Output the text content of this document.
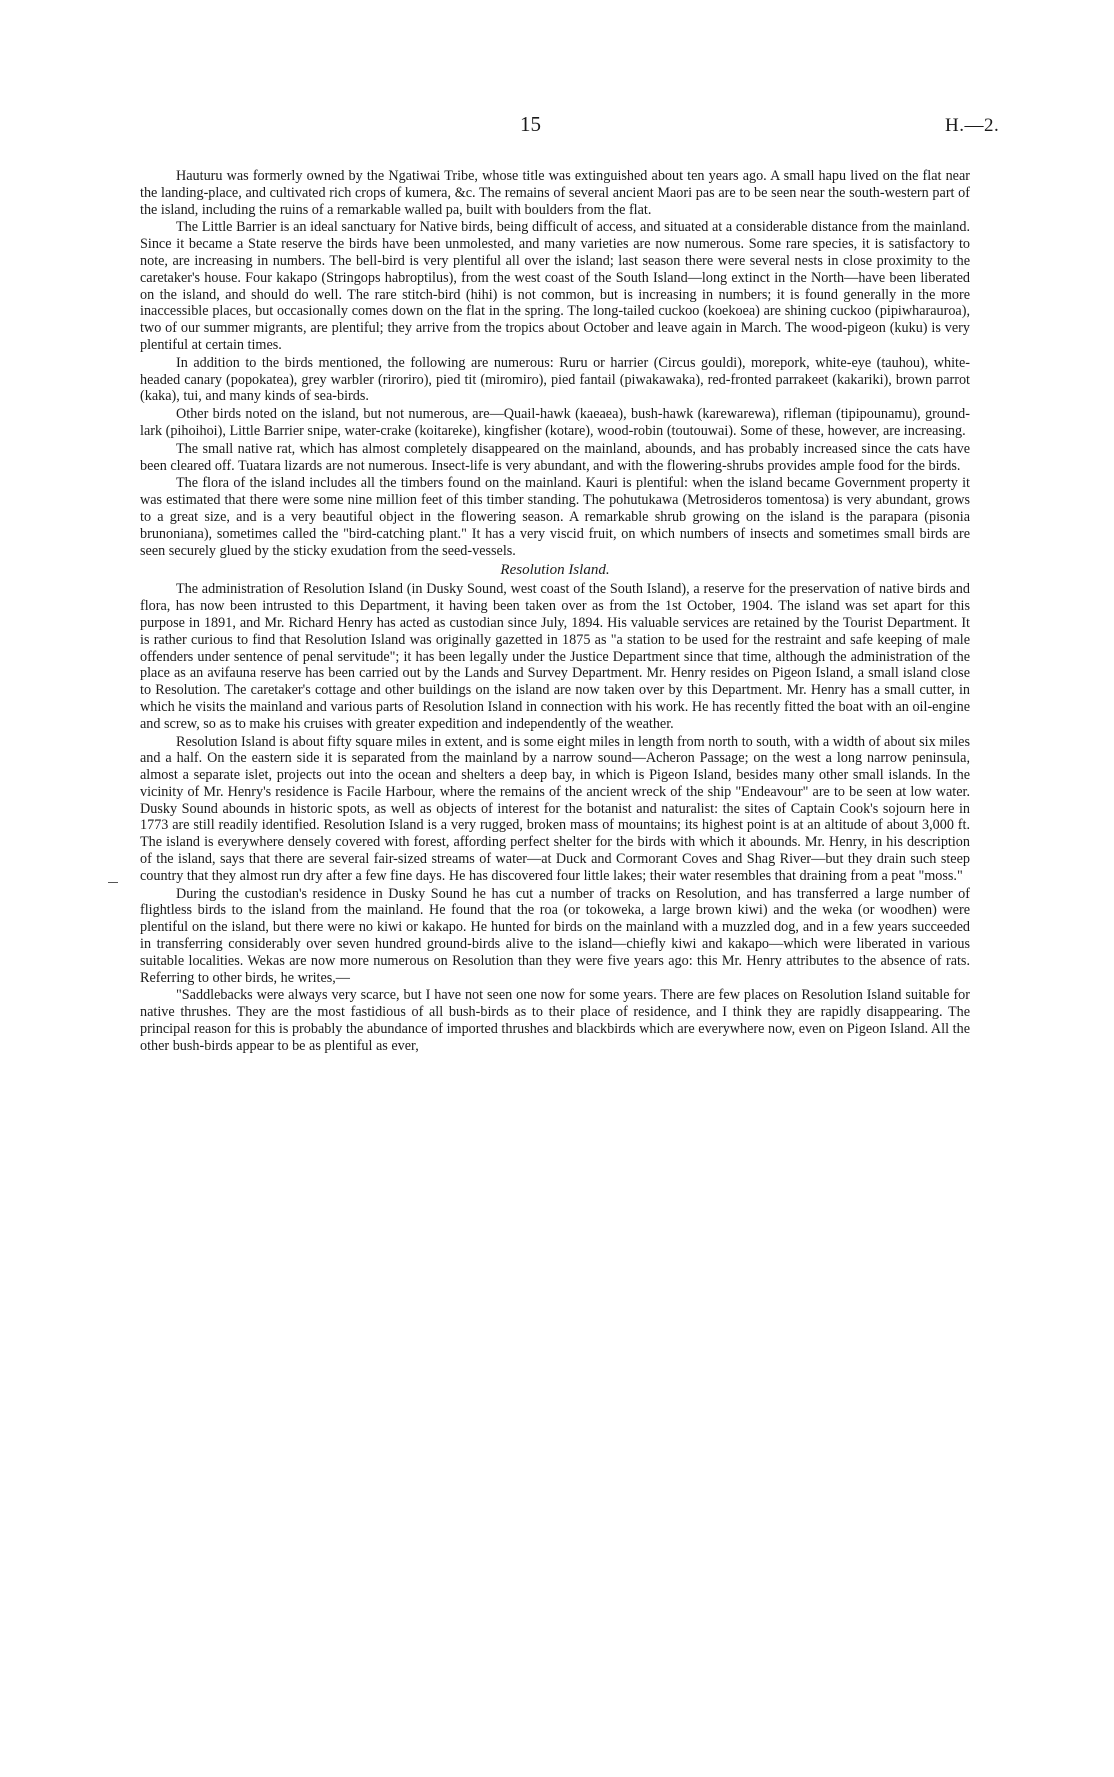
15	H.—2.

Hauturu was formerly owned by the Ngatiwai Tribe, whose title was extinguished about ten years ago. A small hapu lived on the flat near the landing-place, and cultivated rich crops of kumera, &c. The remains of several ancient Maori pas are to be seen near the south-western part of the island, including the ruins of a remarkable walled pa, built with boulders from the flat.

The Little Barrier is an ideal sanctuary for Native birds, being difficult of access, and situated at a considerable distance from the mainland. Since it became a State reserve the birds have been unmolested, and many varieties are now numerous. Some rare species, it is satisfactory to note, are increasing in numbers. The bell-bird is very plentiful all over the island; last season there were several nests in close proximity to the caretaker's house. Four kakapo (Stringops habroptilus), from the west coast of the South Island—long extinct in the North—have been liberated on the island, and should do well. The rare stitch-bird (hihi) is not common, but is increasing in numbers; it is found generally in the more inaccessible places, but occasionally comes down on the flat in the spring. The long-tailed cuckoo (koekoea) are shining cuckoo (pipiwharauroa), two of our summer migrants, are plentiful; they arrive from the tropics about October and leave again in March. The wood-pigeon (kuku) is very plentiful at certain times.

In addition to the birds mentioned, the following are numerous: Ruru or harrier (Circus gouldi), morepork, white-eye (tauhou), white-headed canary (popokatea), grey warbler (riroriro), pied tit (miromiro), pied fantail (piwakawaka), red-fronted parrakeet (kakariki), brown parrot (kaka), tui, and many kinds of sea-birds.

Other birds noted on the island, but not numerous, are—Quail-hawk (kaeaea), bush-hawk (karewarewa), rifleman (tipipounamu), ground-lark (pihoihoi), Little Barrier snipe, water-crake (koitareke), kingfisher (kotare), wood-robin (toutouwai). Some of these, however, are increasing.

The small native rat, which has almost completely disappeared on the mainland, abounds, and has probably increased since the cats have been cleared off. Tuatara lizards are not numerous. Insect-life is very abundant, and with the flowering-shrubs provides ample food for the birds.

The flora of the island includes all the timbers found on the mainland. Kauri is plentiful: when the island became Government property it was estimated that there were some nine million feet of this timber standing. The pohutukawa (Metrosideros tomentosa) is very abundant, grows to a great size, and is a very beautiful object in the flowering season. A remarkable shrub growing on the island is the parapara (pisonia brunoniana), sometimes called the "bird-catching plant." It has a very viscid fruit, on which numbers of insects and sometimes small birds are seen securely glued by the sticky exudation from the seed-vessels.

Resolution Island.

The administration of Resolution Island (in Dusky Sound, west coast of the South Island), a reserve for the preservation of native birds and flora, has now been intrusted to this Department, it having been taken over as from the 1st October, 1904. The island was set apart for this purpose in 1891, and Mr. Richard Henry has acted as custodian since July, 1894. His valuable services are retained by the Tourist Department. It is rather curious to find that Resolution Island was originally gazetted in 1875 as "a station to be used for the restraint and safe keeping of male offenders under sentence of penal servitude"; it has been legally under the Justice Department since that time, although the administration of the place as an avifauna reserve has been carried out by the Lands and Survey Department. Mr. Henry resides on Pigeon Island, a small island close to Resolution. The caretaker's cottage and other buildings on the island are now taken over by this Department. Mr. Henry has a small cutter, in which he visits the mainland and various parts of Resolution Island in connection with his work. He has recently fitted the boat with an oil-engine and screw, so as to make his cruises with greater expedition and independently of the weather.

Resolution Island is about fifty square miles in extent, and is some eight miles in length from north to south, with a width of about six miles and a half. On the eastern side it is separated from the mainland by a narrow sound—Acheron Passage; on the west a long narrow peninsula, almost a separate islet, projects out into the ocean and shelters a deep bay, in which is Pigeon Island, besides many other small islands. In the vicinity of Mr. Henry's residence is Facile Harbour, where the remains of the ancient wreck of the ship "Endeavour" are to be seen at low water. Dusky Sound abounds in historic spots, as well as objects of interest for the botanist and naturalist: the sites of Captain Cook's sojourn here in 1773 are still readily identified. Resolution Island is a very rugged, broken mass of mountains; its highest point is at an altitude of about 3,000 ft. The island is everywhere densely covered with forest, affording perfect shelter for the birds with which it abounds. Mr. Henry, in his description of the island, says that there are several fair-sized streams of water—at Duck and Cormorant Coves and Shag River—but they drain such steep country that they almost run dry after a few fine days. He has discovered four little lakes; their water resembles that draining from a peat "moss."

During the custodian's residence in Dusky Sound he has cut a number of tracks on Resolution, and has transferred a large number of flightless birds to the island from the mainland. He found that the roa (or tokoweka, a large brown kiwi) and the weka (or woodhen) were plentiful on the island, but there were no kiwi or kakapo. He hunted for birds on the mainland with a muzzled dog, and in a few years succeeded in transferring considerably over seven hundred ground-birds alive to the island—chiefly kiwi and kakapo—which were liberated in various suitable localities. Wekas are now more numerous on Resolution than they were five years ago: this Mr. Henry attributes to the absence of rats. Referring to other birds, he writes,—

"Saddlebacks were always very scarce, but I have not seen one now for some years. There are few places on Resolution Island suitable for native thrushes. They are the most fastidious of all bush-birds as to their place of residence, and I think they are rapidly disappearing. The principal reason for this is probably the abundance of imported thrushes and blackbirds which are everywhere now, even on Pigeon Island. All the other bush-birds appear to be as plentiful as ever,
